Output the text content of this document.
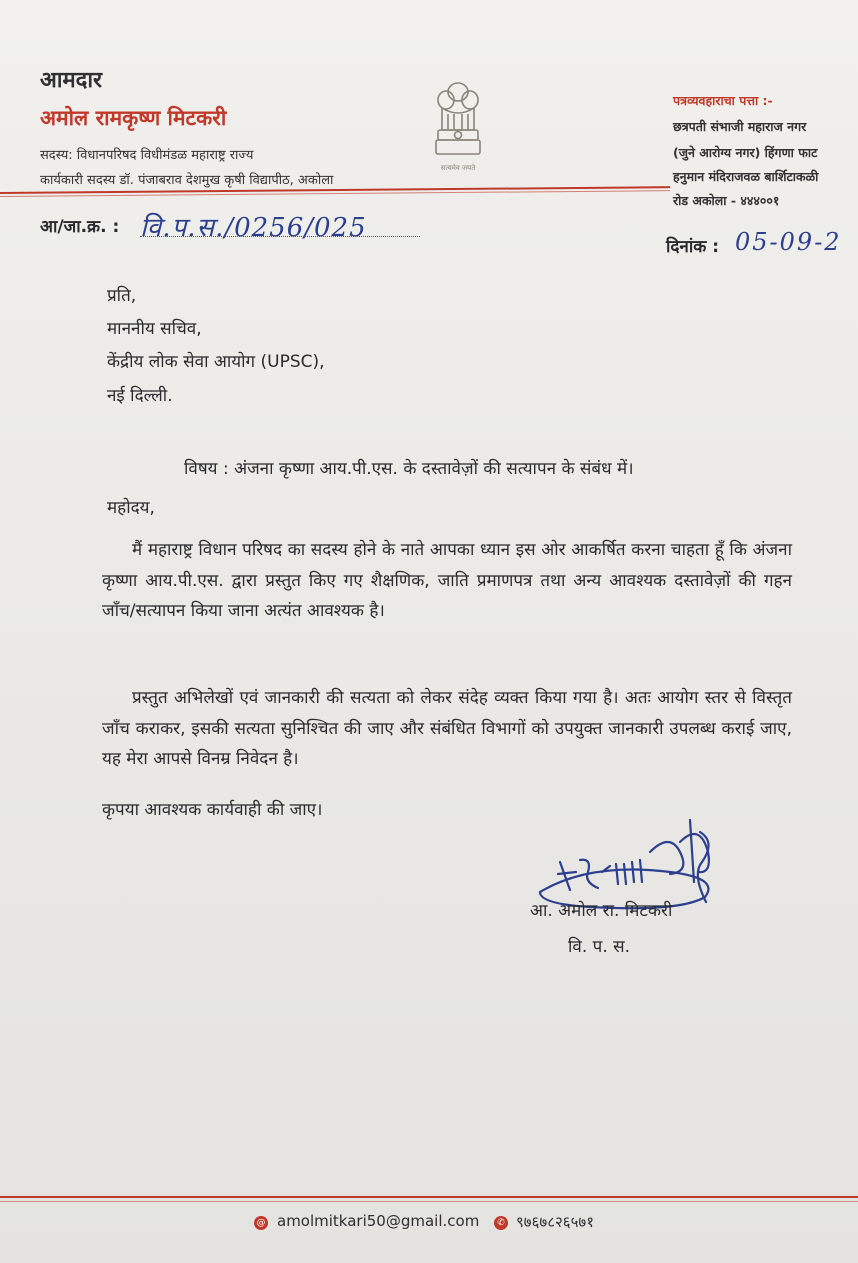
आमदार
अमोल रामकृष्ण मिटकरी
सदस्य: विधानपरिषद विधीमंडळ महाराष्ट्र राज्य
कार्यकारी सदस्य डॉ. पंजाबराव देशमुख कृषी विद्यापीठ, अकोला
सत्यमेव जयते
पत्रव्यवहाराचा पत्ता :-
छत्रपती संभाजी महाराज नगर
(जुने आरोग्य नगर) हिंगणा फाट
हनुमान मंदिराजवळ बार्शिटाकळी
रोड अकोला - ४४४००१
आ/जा.क्र. : वि.प.स./0256/025
दिनांक : 05-09-2
प्रति,
माननीय सचिव,
केंद्रीय लोक सेवा आयोग (UPSC),
नई दिल्ली.
विषय : अंजना कृष्णा आय.पी.एस. के दस्तावेज़ों की सत्यापन के संबंध में।
महोदय,
मैं महाराष्ट्र विधान परिषद का सदस्य होने के नाते आपका ध्यान इस ओर आकर्षित करना चाहता हूँ कि अंजना कृष्णा आय.पी.एस. द्वारा प्रस्तुत किए गए शैक्षणिक, जाति प्रमाणपत्र तथा अन्य आवश्यक दस्तावेज़ों की गहन जाँच/सत्यापन किया जाना अत्यंत आवश्यक है।
प्रस्तुत अभिलेखों एवं जानकारी की सत्यता को लेकर संदेह व्यक्त किया गया है। अतः आयोग स्तर से विस्तृत जाँच कराकर, इसकी सत्यता सुनिश्चित की जाए और संबंधित विभागों को उपयुक्त जानकारी उपलब्ध कराई जाए, यह मेरा आपसे विनम्र निवेदन है।
कृपया आवश्यक कार्यवाही की जाए।
आ. अमोल रा. मिटकरी
वि. प. स.
@ amolmitkari50@gmail.com	✆ ९७६७८२६५७१
